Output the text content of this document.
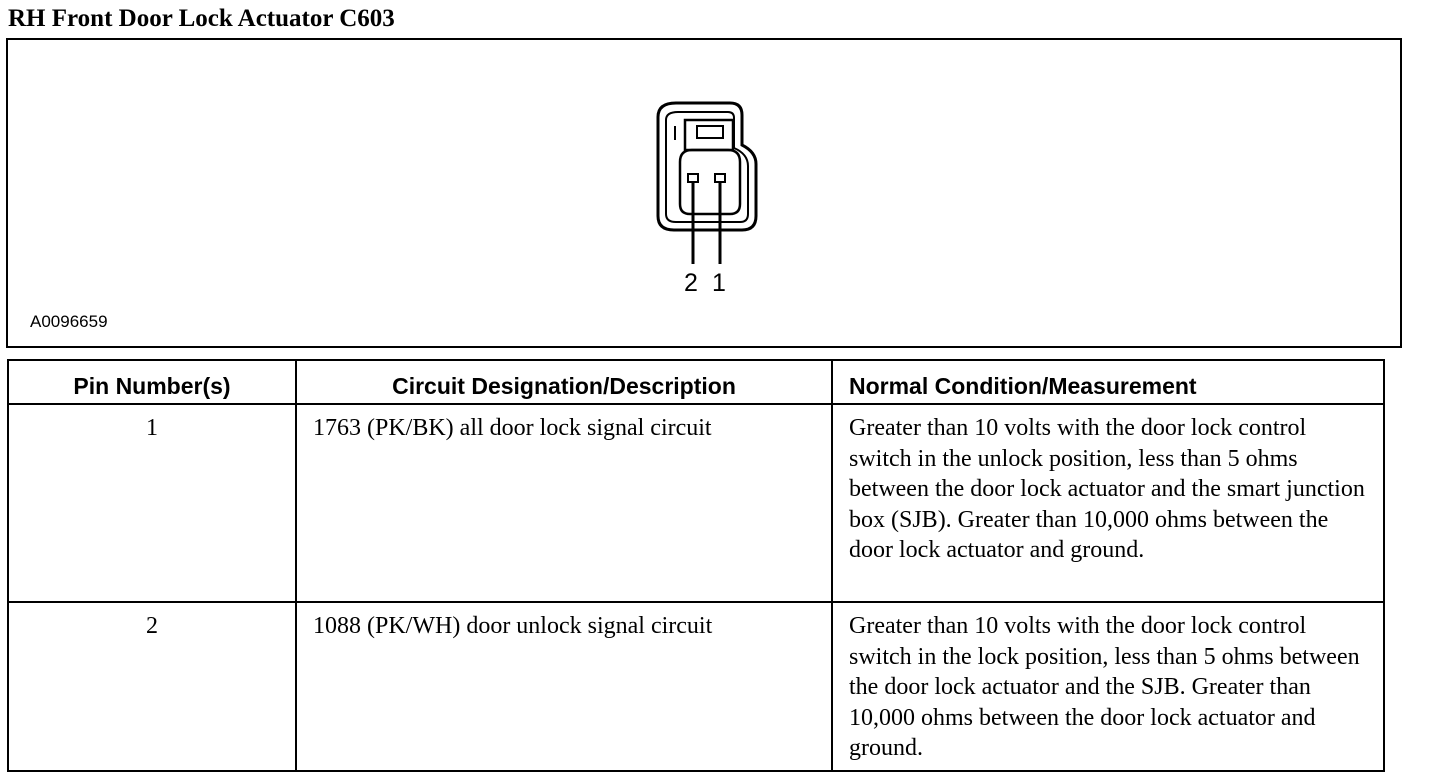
RH Front Door Lock Actuator C603
2 1
A0096659
Pin Number(s)	Circuit Designation/Description	Normal Condition/Measurement
1	1763 (PK/BK) all door lock signal circuit	Greater than 10 volts with the door lock control switch in the unlock position, less than 5 ohms between the door lock actuator and the smart junction box (SJB). Greater than 10,000 ohms between the door lock actuator and ground.
2	1088 (PK/WH) door unlock signal circuit	Greater than 10 volts with the door lock control switch in the lock position, less than 5 ohms between the door lock actuator and the SJB. Greater than 10,000 ohms between the door lock actuator and ground.
